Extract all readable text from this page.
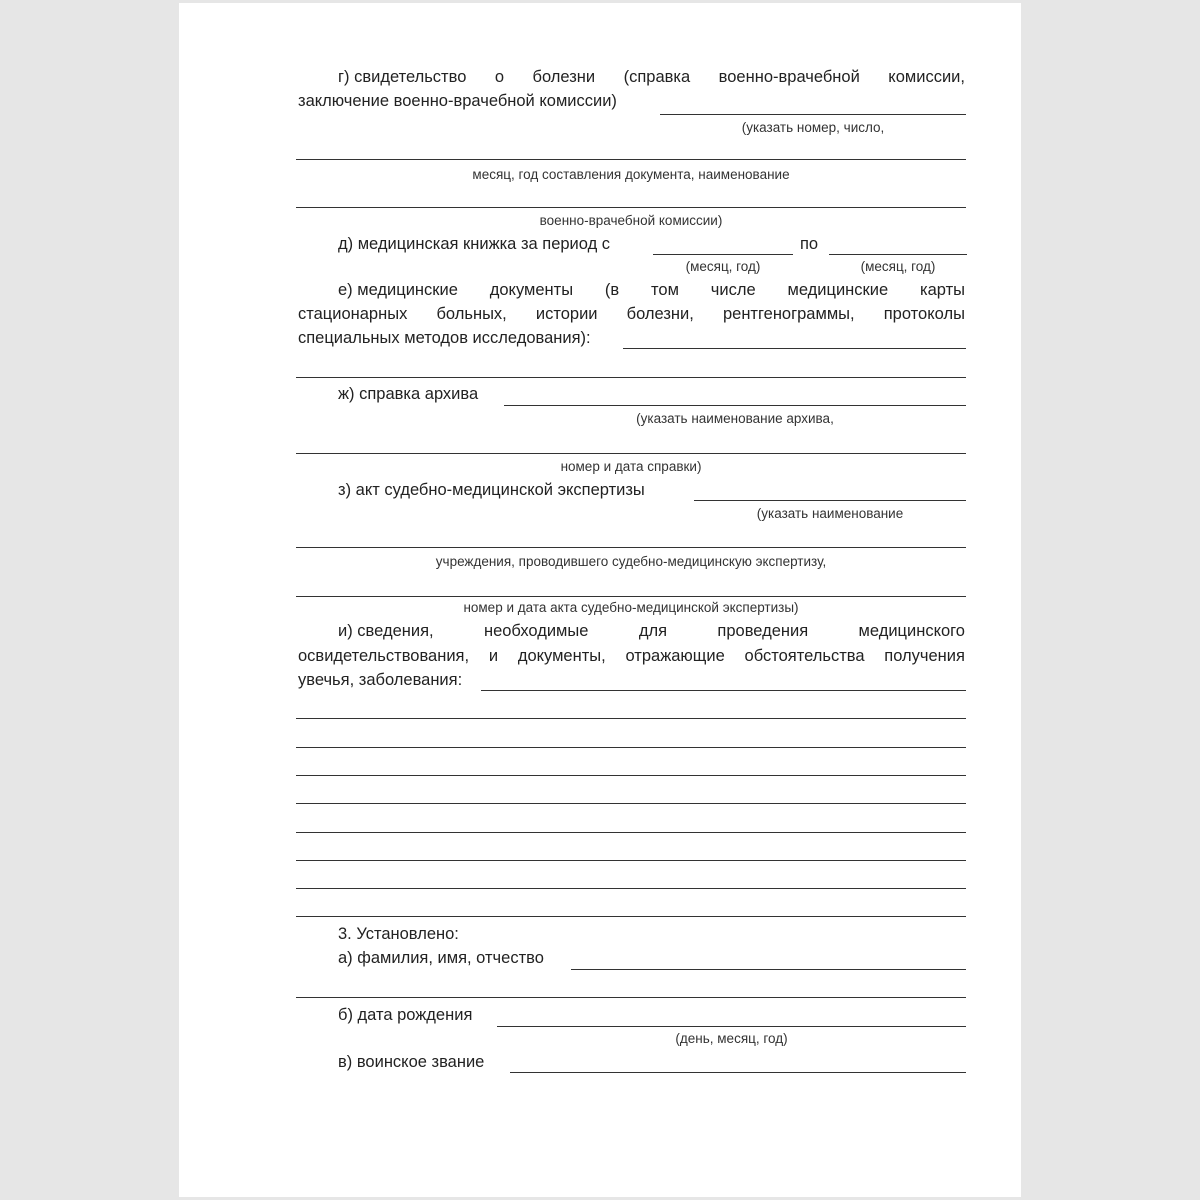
г) свидетельство о болезни (справка военно-врачебной комиссии,
заключение военно-врачебной комиссии)
(указать номер, число,
месяц, год составления документа, наименование
военно-врачебной комиссии)
д) медицинская книжка за период с	по
(месяц, год)	(месяц, год)
е) медицинские документы (в том числе медицинские карты
стационарных больных, истории болезни, рентгенограммы, протоколы
специальных методов исследования):
ж) справка архива
(указать наименование архива,
номер и дата справки)
з) акт судебно-медицинской экспертизы
(указать наименование
учреждения, проводившего судебно-медицинскую экспертизу,
номер и дата акта судебно-медицинской экспертизы)
и) сведения,	необходимые	для	проведения	медицинского
освидетельствования, и документы, отражающие обстоятельства получения
увечья, заболевания:
3. Установлено:
а) фамилия, имя, отчество
б) дата рождения
(день, месяц, год)
в) воинское звание
